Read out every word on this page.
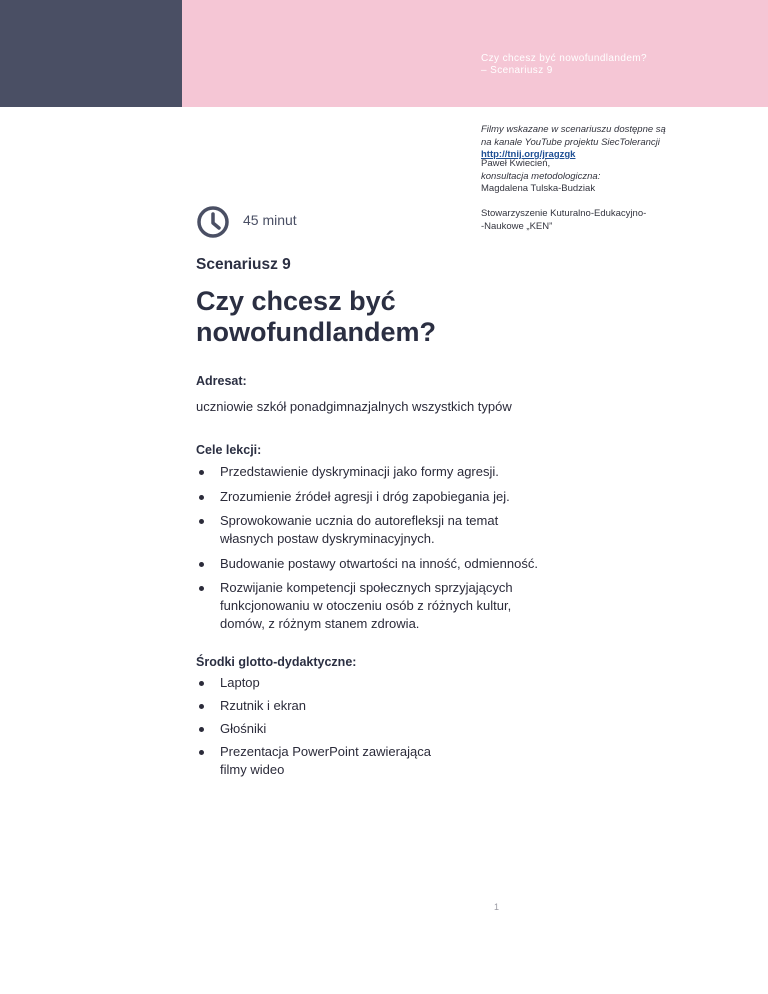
Czy chcesz być nowofundlandem?
– Scenariusz 9
Filmy wskazane w scenariuszu dostępne są
na kanale YouTube projektu SiecTolerancji
http://tnij.org/jragzgk
Paweł Kwiecień,
konsultacja metodologiczna:
Magdalena Tulska-Budziak
Stowarzyszenie Kuturalno-Edukacyjno-
-Naukowe „KEN”
45 minut
Scenariusz 9
Czy chcesz być
nowofundlandem?
Adresat:
uczniowie szkół ponadgimnazjalnych wszystkich typów
Cele lekcji:
Przedstawienie dyskryminacji jako formy agresji.
Zrozumienie źródeł agresji i dróg zapobiegania jej.
Sprowokowanie ucznia do autorefleksji na temat
własnych postaw dyskryminacyjnych.
Budowanie postawy otwartości na inność, odmienność.
Rozwijanie kompetencji społecznych sprzyjających
funkcjonowaniu w otoczeniu osób z różnych kultur,
domów, z różnym stanem zdrowia.
Środki glotto-dydaktyczne:
Laptop
Rzutnik i ekran
Głośniki
Prezentacja PowerPoint zawierająca
filmy wideo
1
